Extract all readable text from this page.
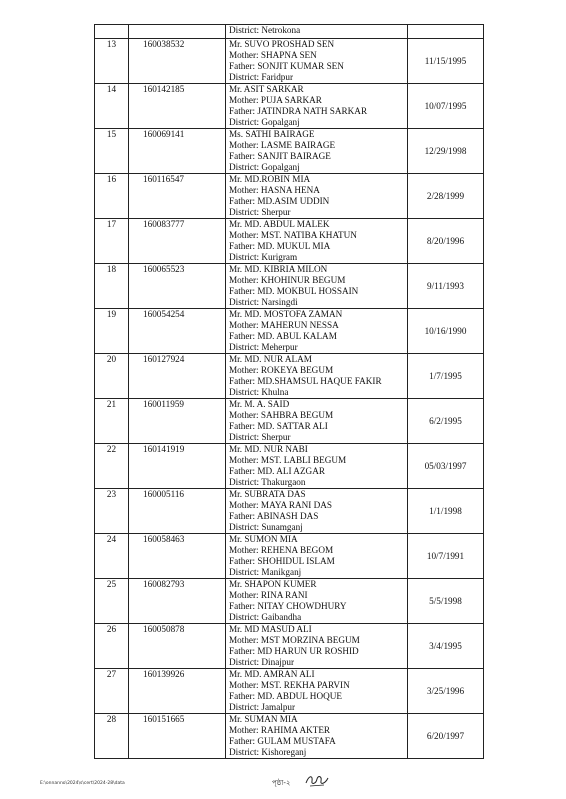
		District: Netrokona	
13	160038532	Mr. SUVO PROSHAD SEN
Mother: SHAPNA SEN
Father: SONJIT KUMAR SEN
District: Faridpur	11/15/1995
14	160142185	Mr. ASIT SARKAR
Mother: PUJA SARKAR
Father: JATINDRA NATH SARKAR
District: Gopalganj	10/07/1995
15	160069141	Ms. SATHI BAIRAGE
Mother: LASME BAIRAGE
Father: SANJIT BAIRAGE
District: Gopalganj	12/29/1998
16	160116547	Mr. MD.ROBIN MIA
Mother: HASNA HENA
Father: MD.ASIM UDDIN
District: Sherpur	2/28/1999
17	160083777	Mr. MD. ABDUL MALEK
Mother: MST. NATIBA KHATUN
Father: MD. MUKUL MIA
District: Kurigram	8/20/1996
18	160065523	Mr. MD. KIBRIA MILON
Mother: KHOHINUR BEGUM
Father: MD. MOKBUL HOSSAIN
District: Narsingdi	9/11/1993
19	160054254	Mr. MD. MOSTOFA ZAMAN
Mother: MAHERUN NESSA
Father: MD. ABUL KALAM
District: Meherpur	10/16/1990
20	160127924	Mr. MD. NUR ALAM
Mother: ROKEYA BEGUM
Father: MD.SHAMSUL HAQUE FAKIR
District: Khulna	1/7/1995
21	160011959	Mr. M. A. SAID
Mother: SAHBRA BEGUM
Father: MD. SATTAR ALI
District: Sherpur	6/2/1995
22	160141919	Mr. MD. NUR NABI
Mother: MST. LABLI BEGUM
Father: MD. ALI AZGAR
District: Thakurgaon	05/03/1997
23	160005116	Mr. SUBRATA DAS
Mother: MAYA RANI DAS
Father: ABINASH DAS
District: Sunamganj	1/1/1998
24	160058463	Mr. SUMON MIA
Mother: REHENA BEGOM
Father: SHOHIDUL ISLAM
District: Manikganj	10/7/1991
25	160082793	Mr. SHAPON KUMER
Mother: RINA RANI
Father: NITAY CHOWDHURY
District: Gaibandha	5/5/1998
26	160050878	Mr. MD MASUD ALI
Mother: MST MORZINA BEGUM
Father: MD HARUN UR ROSHID
District: Dinajpur	3/4/1995
27	160139926	Mr. MD. AMRAN ALI
Mother: MST. REKHA PARVIN
Father: MD. ABDUL HOQUE
District: Jamalpur	3/25/1996
28	160151665	Mr. SUMAN MIA
Mother: RAHIMA AKTER
Father: GULAM MUSTAFA
District: Kishoreganj	6/20/1997
E:\onnanno\2024\s\cert\2024-28\data	পৃষ্ঠা-২
